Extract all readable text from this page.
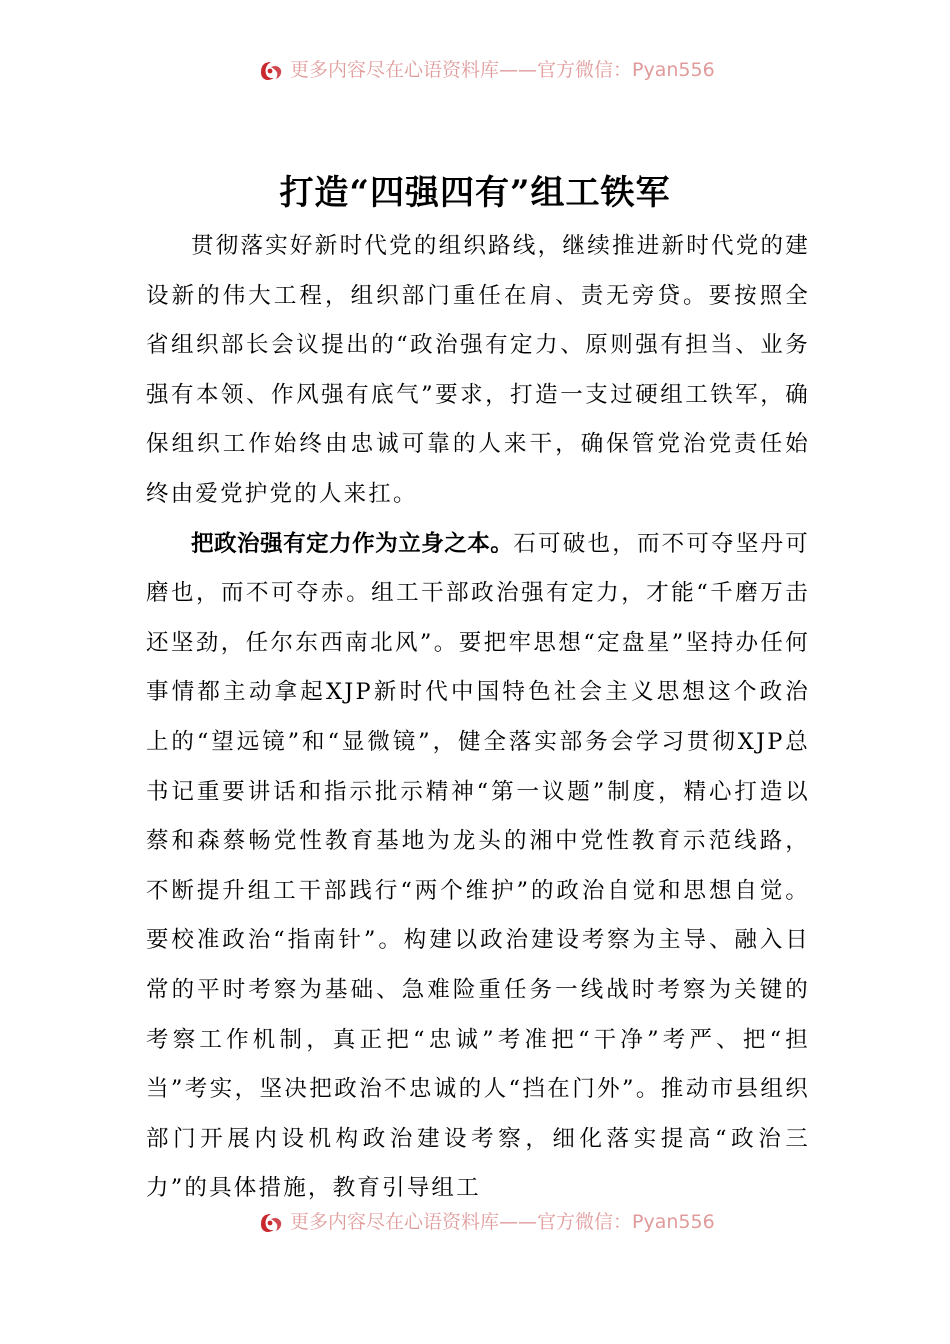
更多内容尽在心语资料库——官方微信：Pyan556
打造“四强四有”组工铁军

贯彻落实好新时代党的组织路线，继续推进新时代党的建设新的伟大工程，组织部门重任在肩、责无旁贷。要按照全省组织部长会议提出的“政治强有定力、原则强有担当、业务强有本领、作风强有底气”要求，打造一支过硬组工铁军，确保组织工作始终由忠诚可靠的人来干，确保管党治党责任始终由爱党护党的人来扛。

把政治强有定力作为立身之本。石可破也，而不可夺坚丹可磨也，而不可夺赤。组工干部政治强有定力，才能“千磨万击还坚劲，任尔东西南北风”。要把牢思想“定盘星”坚持办任何事情都主动拿起XJP新时代中国特色社会主义思想这个政治上的“望远镜”和“显微镜”，健全落实部务会学习贯彻XJP总书记重要讲话和指示批示精神“第一议题”制度，精心打造以蔡和森蔡畅党性教育基地为龙头的湘中党性教育示范线路，不断提升组工干部践行“两个维护”的政治自觉和思想自觉。要校准政治“指南针”。构建以政治建设考察为主导、融入日常的平时考察为基础、急难险重任务一线战时考察为关键的考察工作机制，真正把“忠诚”考准把“干净”考严、把“担当”考实，坚决把政治不忠诚的人“挡在门外”。推动市县组织部门开展内设机构政治建设考察，细化落实提高“政治三力”的具体措施，教育引导组工

更多内容尽在心语资料库——官方微信：Pyan556
